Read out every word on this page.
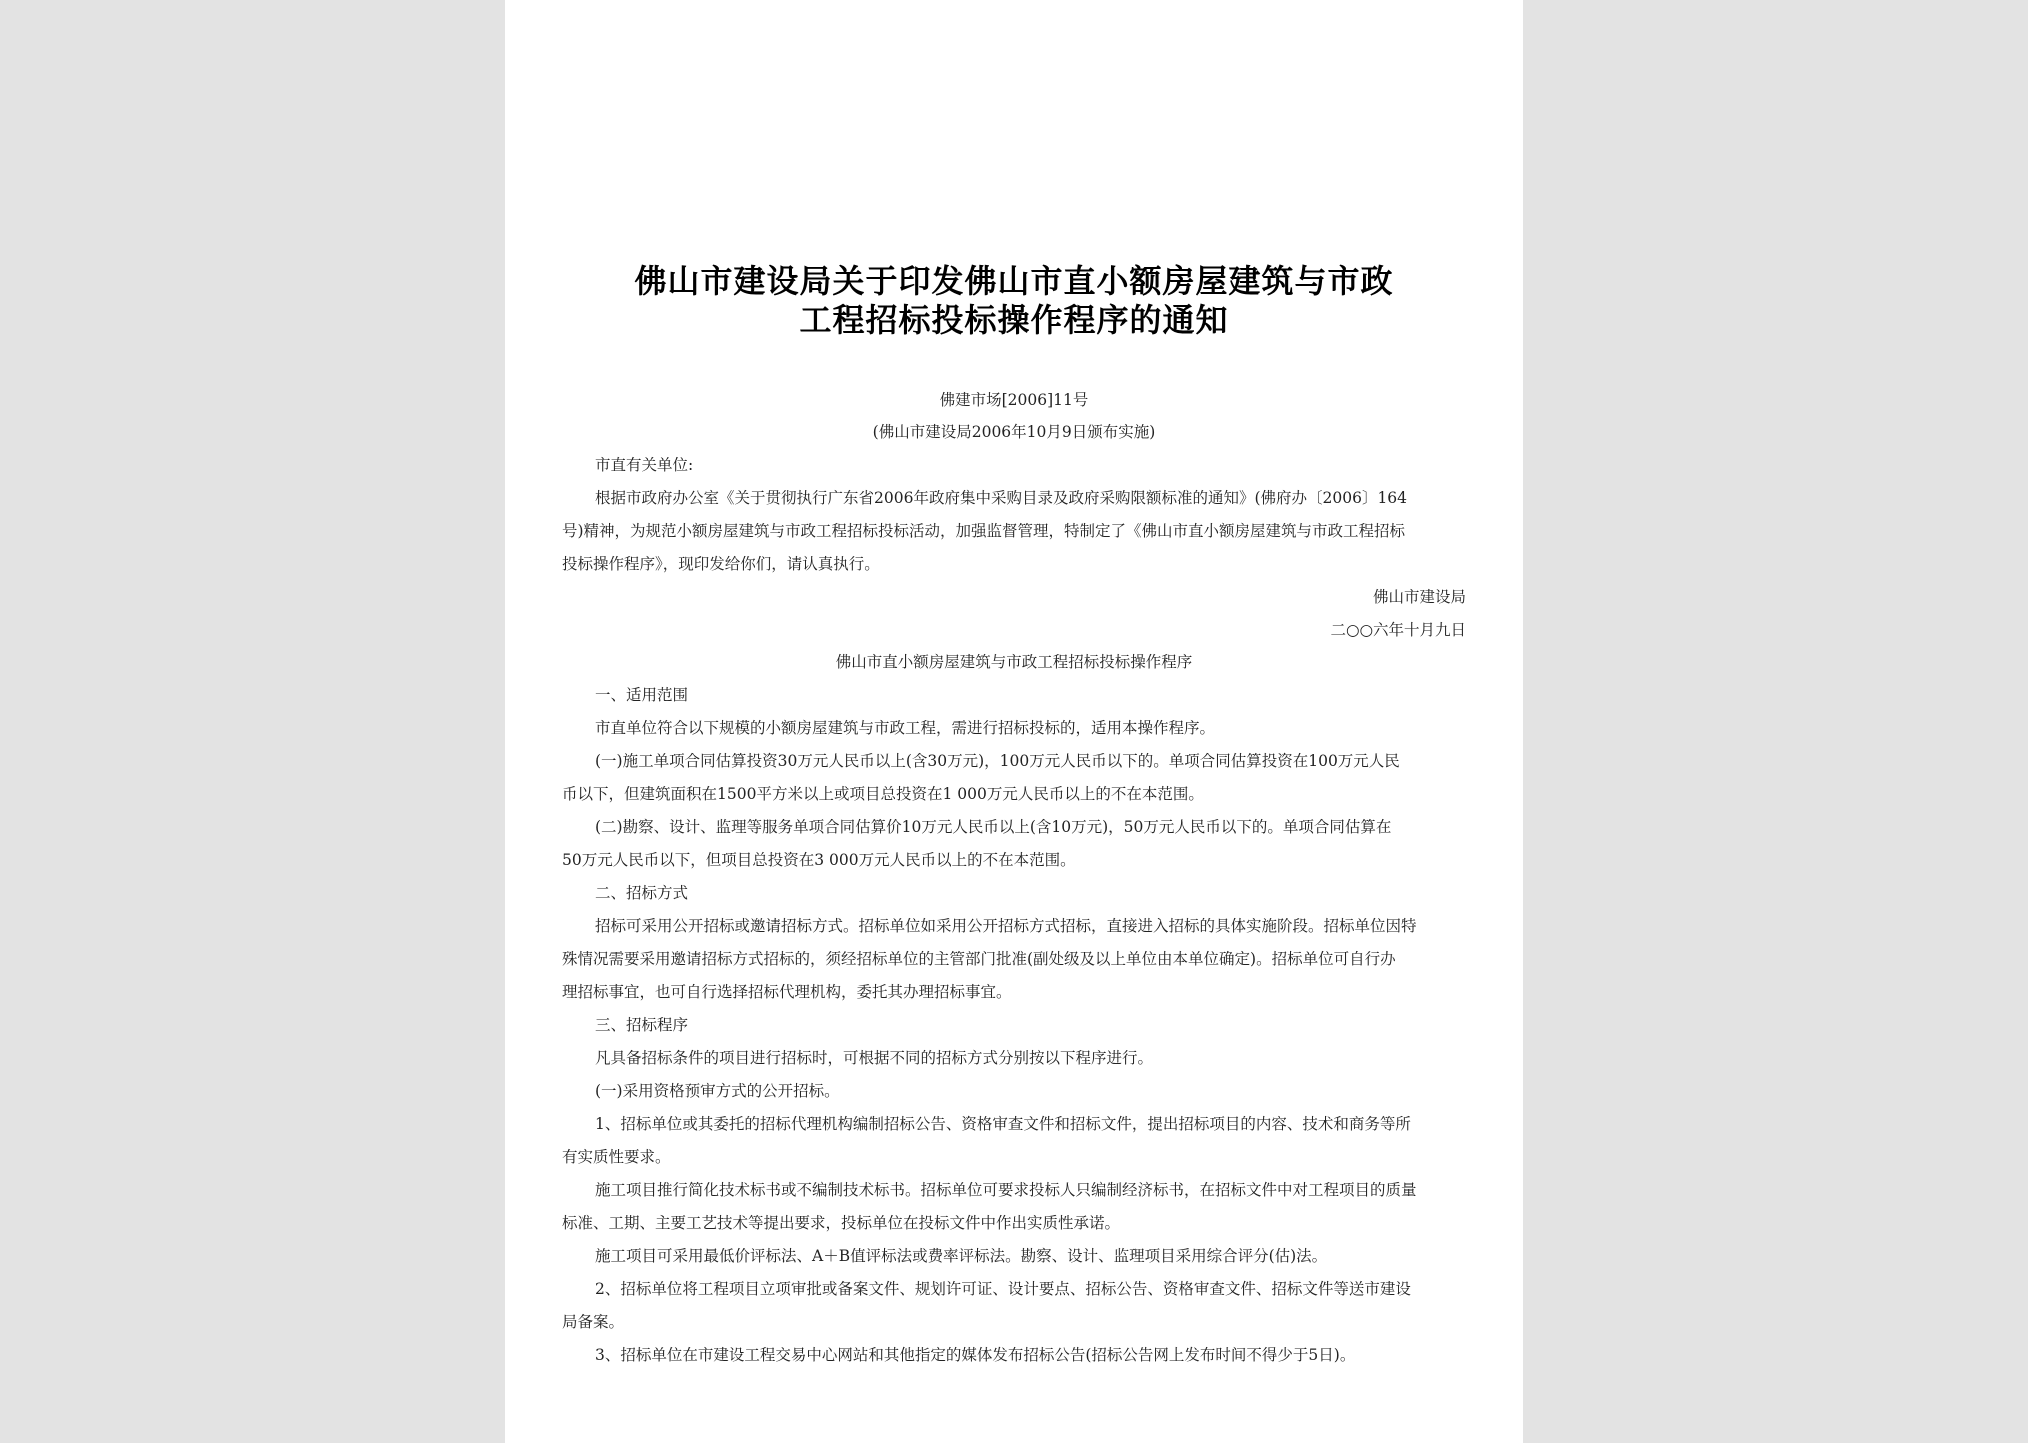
佛山市建设局关于印发佛山市直小额房屋建筑与市政
工程招标投标操作程序的通知
佛建市场[2006]11号
(佛山市建设局2006年10月9日颁布实施)
市直有关单位:
根据市政府办公室《关于贯彻执行广东省2006年政府集中采购目录及政府采购限额标准的通知》(佛府办〔2006〕164
号)精神，为规范小额房屋建筑与市政工程招标投标活动，加强监督管理，特制定了《佛山市直小额房屋建筑与市政工程招标
投标操作程序》，现印发给你们，请认真执行。
佛山市建设局
二○○六年十月九日
佛山市直小额房屋建筑与市政工程招标投标操作程序
一、适用范围
市直单位符合以下规模的小额房屋建筑与市政工程，需进行招标投标的，适用本操作程序。
(一)施工单项合同估算投资30万元人民币以上(含30万元)，100万元人民币以下的。单项合同估算投资在100万元人民
币以下，但建筑面积在1500平方米以上或项目总投资在1 000万元人民币以上的不在本范围。
(二)勘察、设计、监理等服务单项合同估算价10万元人民币以上(含10万元)，50万元人民币以下的。单项合同估算在
50万元人民币以下，但项目总投资在3 000万元人民币以上的不在本范围。
二、招标方式
招标可采用公开招标或邀请招标方式。招标单位如采用公开招标方式招标，直接进入招标的具体实施阶段。招标单位因特
殊情况需要采用邀请招标方式招标的，须经招标单位的主管部门批准(副处级及以上单位由本单位确定)。招标单位可自行办
理招标事宜，也可自行选择招标代理机构，委托其办理招标事宜。
三、招标程序
凡具备招标条件的项目进行招标时，可根据不同的招标方式分别按以下程序进行。
(一)采用资格预审方式的公开招标。
1、招标单位或其委托的招标代理机构编制招标公告、资格审查文件和招标文件，提出招标项目的内容、技术和商务等所
有实质性要求。
施工项目推行简化技术标书或不编制技术标书。招标单位可要求投标人只编制经济标书，在招标文件中对工程项目的质量
标准、工期、主要工艺技术等提出要求，投标单位在投标文件中作出实质性承诺。
施工项目可采用最低价评标法、A＋B值评标法或费率评标法。勘察、设计、监理项目采用综合评分(估)法。
2、招标单位将工程项目立项审批或备案文件、规划许可证、设计要点、招标公告、资格审查文件、招标文件等送市建设
局备案。
3、招标单位在市建设工程交易中心网站和其他指定的媒体发布招标公告(招标公告网上发布时间不得少于5日)。
